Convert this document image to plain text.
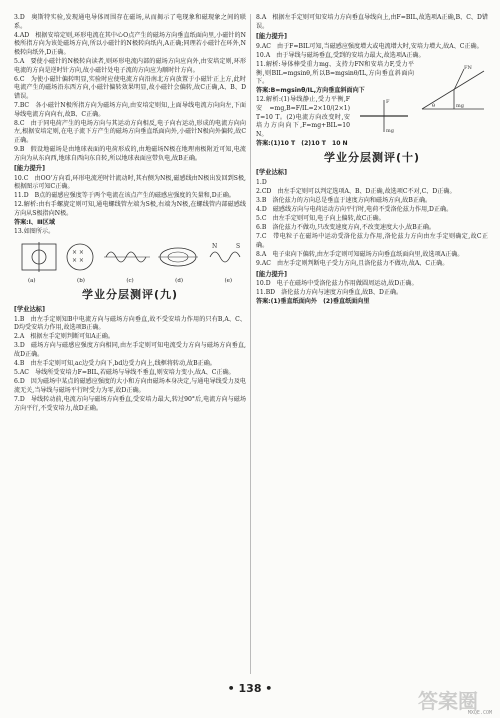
3.D　奥斯特实验,发现通电导体周围存在磁场,从而揭示了电现象和磁现象之间的联系。
4.AD　根据安培定则,环形电流在其中心O点产生的磁场方向垂直纸面向里,小磁针的N极所指方向为该处磁场方向,所以小磁针的N极转向纸内,A正确;同理若小磁针在环外,N极转向纸外,D正确。
5.A　要使小磁针的N极转向读者,则环形电流内部的磁场方向应向外,由安培定则,环形电流的方向是逆时针方向,故小磁针处电子流的方向应为顺时针方向。
6.C　为使小磁针偏转明显,实验时应使电流方向沿南北方向放置于小磁针正上方,此时电流产生的磁场沿东西方向,小磁针偏转效果明显,故小磁针会偏转,故C正确,A、B、D错误。
7.BC　各小磁针N极所指方向为磁场方向,由安培定则知,上面导线电流方向向左,下面导线电流方向向右,故B、C正确。
8.C　由于同电荷产生的电场方向与其运动方向相反,电子向右运动,形成的电流方向向左,根据安培定则,在电子流下方产生的磁场方向垂直纸面向外,小磁针N极向外偏转,故C正确。
9.B　假设地磁场是由地球表面的电荷形成的,由地磁场N极在地理南极附近可知,电流方向为从东向西,地球自西向东自转,所以地球表面应带负电,故B正确。
[能力提升]
10.C　由OO'方向看,环形电流逆时针流动时,其右侧为N极,磁感线由N极出发回到S极,根据图示可知C正确。
11.D　B点的磁感应强度等于两个电流在该点产生的磁感应强度的矢量和,D正确。
12.解析:由右手螺旋定则可知,通电螺线管左端为S极,右端为N极,在螺线管内部磁感线方向从S极指向N极。
答案:Ⅰ、Ⅲ区域
13.如图所示。
× ×
× ×
N	S
(a)	(b)	(c)	(d)	(e)
学业分层测评(九)
[学业达标]
1.B　由左手定则知B中电流方向与磁场方向垂直,故不受安培力作用的只有B,A、C、D均受安培力作用,故选项B正确。
2.A　根据左手定则判断可知A正确。
3.D　磁场方向与磁感应强度方向相同,由左手定则可知电流受力方向与磁场方向垂直,故D正确。
4.B　由左手定则可知,ac边受力向下,bd边受力向上,线框将转动,故B正确。
5.AC　导线所受安培力F=BIL,若磁场与导线不垂直,则安培力变小,故A、C正确。
6.D　因为磁场中某点的磁感应强度的大小和方向由磁场本身决定,与通电导线受力及电流无关,当导线与磁场平行时受力为零,故D正确。
7.D　导线转动前,电流方向与磁场方向垂直,受安培力最大,转过90°后,电流方向与磁场方向平行,不受安培力,故D正确。
8.A　根据左手定则可知安培力方向垂直导线向上,由F=BIL,故选项A正确,B、C、D错误。
[能力提升]
9.AC　由于F=BIL可知,当磁感应强度增大或电流增大时,安培力增大,故A、C正确。
10.A　由于导线与磁场垂直,受到的安培力最大,故选项A正确。
FN
mg
θ
11.解析:导体棒受重力mg、支持力FN和安培力F,受力平衡,则BIL=mgsinθ,所以B=mgsinθ/IL,方向垂直斜面向下。
答案:B=mgsinθ/IL,方向垂直斜面向下
F
mg
12.解析:(1)导线静止,受力平衡,F安=mg,B=F/IL=2×10/(2×1) T=10 T。(2)电流方向改变时,安培力方向向下,F=mg+BIL=10 N。
答案:(1)10 T　(2)10 T　10 N
学业分层测评(十)
[学业达标]
1.D
2.CD　由左手定则可以判定选项A、B、D正确,故选项C不对,C、D正确。
3.B　洛伦兹力的方向总是垂直于速度方向和磁场方向,故B正确。
4.D　磁感线方向与电荷运动方向平行时,电荷不受洛伦兹力作用,D正确。
5.C　由左手定则可知,电子向上偏转,故C正确。
6.B　洛伦兹力不做功,只改变速度方向,不改变速度大小,故B正确。
7.C　带电粒子在磁场中运动受洛伦兹力作用,洛伦兹力方向由左手定则确定,故C正确。
8.A　电子束向下偏转,由左手定则可知磁场方向垂直纸面向里,故选项A正确。
9.AC　由左手定则判断电子受力方向,且洛伦兹力不做功,故A、C正确。
[能力提升]
10.D　电子在磁场中受洛伦兹力作用做圆周运动,故D正确。
11.BD　洛伦兹力方向与速度方向垂直,故B、D正确。
答案:(1)垂直纸面向外　(2)垂直纸面向里
• 138 •
答案圈
MXQE.COM
